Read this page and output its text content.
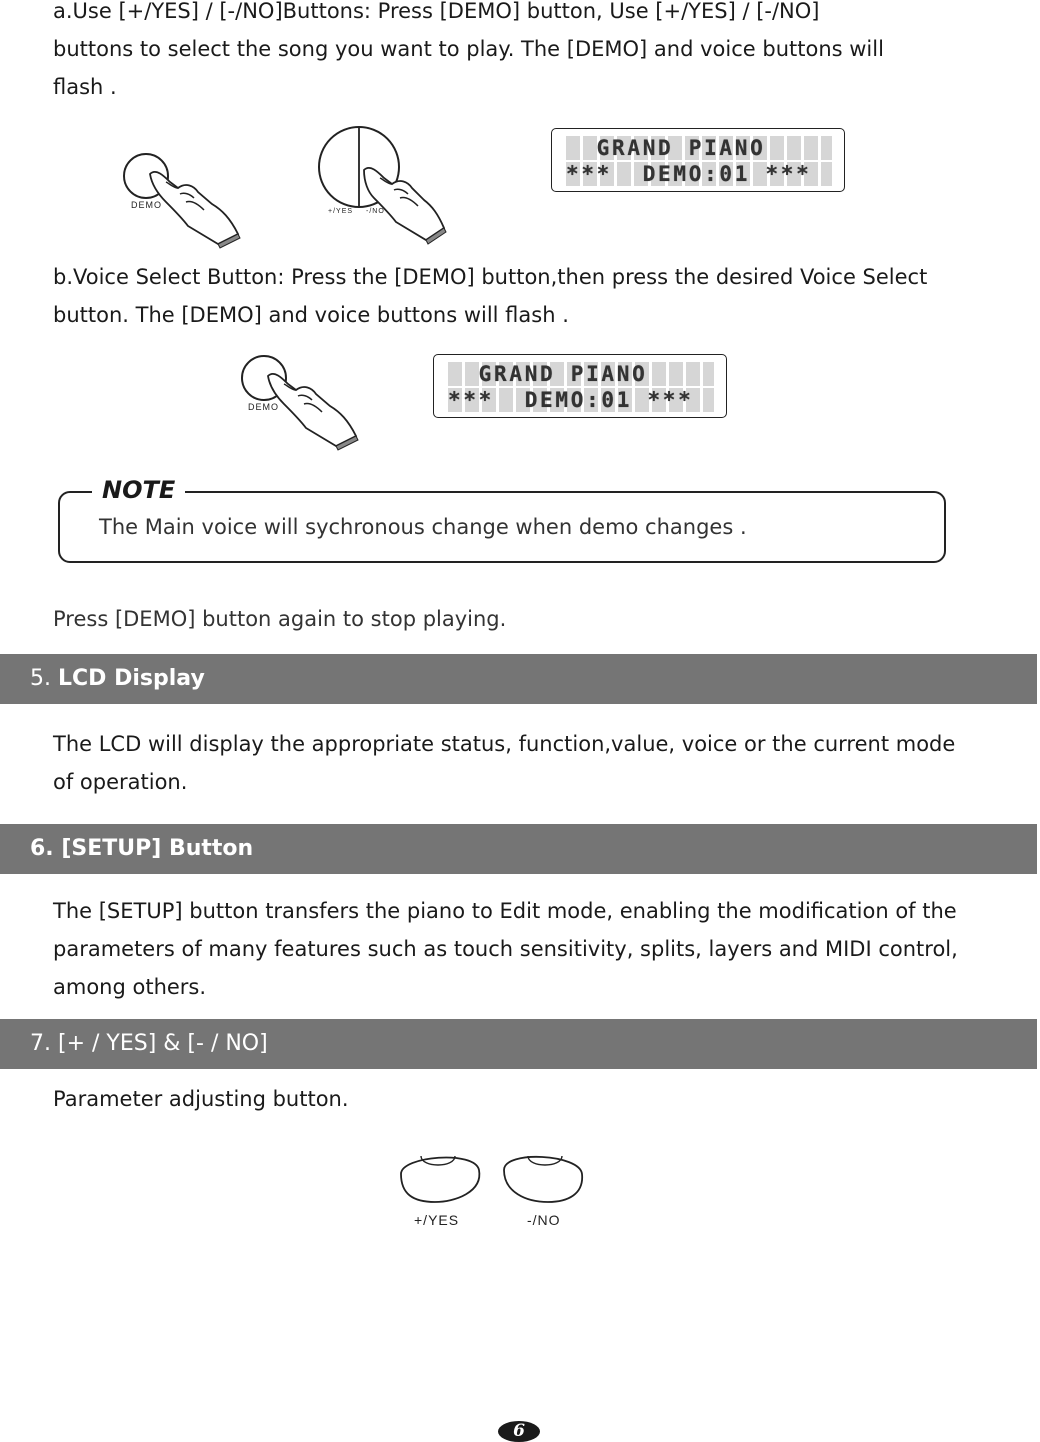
a.Use [+/YES] / [-/NO]Buttons: Press [DEMO] button, Use [+/YES] / [-/NO]
buttons to select the song you want to play. The [DEMO] and voice buttons will
flash .
DEMO
+/YES -/NO
GRAND PIANO
***  DEMO:01 ***
b.Voice Select Button: Press the [DEMO] button,then press the desired Voice Select
button. The [DEMO] and voice buttons will flash .
DEMO
GRAND PIANO
***  DEMO:01 ***
NOTE
The Main voice will sychronous change when demo changes .
Press [DEMO] button again to stop playing.
5. LCD Display
The LCD will display the appropriate status, function,value, voice or the current mode
of operation.
6. [SETUP] Button
The [SETUP] button transfers the piano to Edit mode, enabling the modification of the
parameters of many features such as touch sensitivity, splits, layers and MIDI control,
among others.
7. [+ / YES] & [- / NO]
Parameter adjusting button.
+/YES	-/NO
6
